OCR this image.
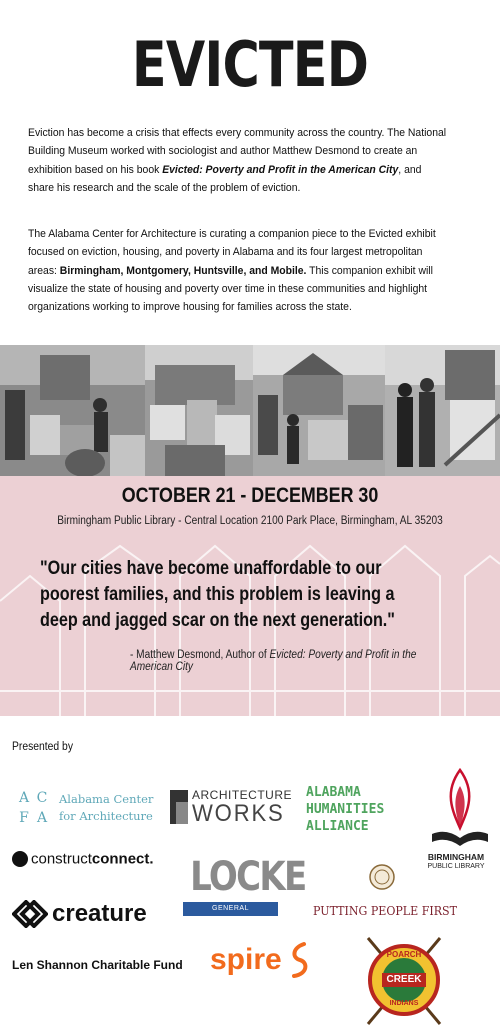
EVICTED
Eviction has become a crisis that effects every community across the country. The National Building Museum worked with sociologist and author Matthew Desmond to create an exhibition based on his book Evicted: Poverty and Profit in the American City, and share his research and the scale of the problem of eviction.
The Alabama Center for Architecture is curating a companion piece to the Evicted exhibit focused on eviction, housing, and poverty in Alabama and its four largest metropolitan areas: Birmingham, Montgomery, Huntsville, and Mobile. This companion exhibit will visualize the state of housing and poverty over time in these communities and highlight organizations working to improve housing for families across the state.
OCTOBER 21 - DECEMBER 30
Birmingham Public Library - Central Location 2100 Park Place, Birmingham, AL 35203
"Our cities have become unaffordable to our poorest families, and this problem is leaving a deep and jagged scar on the next generation."
- Matthew Desmond, Author of Evicted: Poverty and Profit in the American City
Presented by
A C
F A
Alabama Center
for Architecture
ARCHITECTURE
WORKS
ALABAMA
HUMANITIES
ALLIANCE
BIRMINGHAM
PUBLIC LIBRARY
constructconnect. LOCKE
GENERAL CONTRACTORS
PUTTING PEOPLE FIRST
creature
Len Shannon Charitable Fund spire	POARCH
CREEK
INDIANS
